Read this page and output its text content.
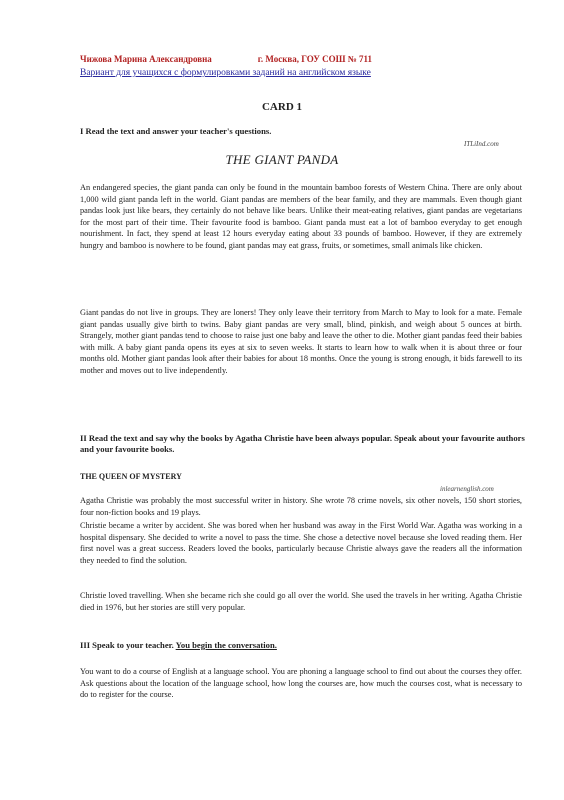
Чижова Марина Александровна	г. Москва, ГОУ СОШ № 711
Вариант для учащихся с формулировками заданий на английском языке
CARD 1
I Read the text and answer your teacher's questions.
ITLiInd.com
THE GIANT PANDA

An endangered species, the giant panda can only be found in the mountain bamboo forests of Western China. There are only about 1,000 wild giant panda left in the world. Giant pandas are members of the bear family, and they are mammals. Even though giant pandas look just like bears, they certainly do not behave like bears. Unlike their meat-eating relatives, giant pandas are vegetarians for the most part of their time. Their favourite food is bamboo. Giant panda must eat a lot of bamboo everyday to get enough nourishment. In fact, they spend at least 12 hours everyday eating about 33 pounds of bamboo. However, if they are extremely hungry and bamboo is nowhere to be found, giant pandas may eat grass, fruits, or sometimes, small animals like chicken.

Giant pandas do not live in groups. They are loners! They only leave their territory from March to May to look for a mate. Female giant pandas usually give birth to twins. Baby giant pandas are very small, blind, pinkish, and weigh about 5 ounces at birth. Strangely, mother giant pandas tend to choose to raise just one baby and leave the other to die. Mother giant pandas feed their babies with milk. A baby giant panda opens its eyes at six to seven weeks. It starts to learn how to walk when it is about three or four months old. Mother giant pandas look after their babies for about 18 months. Once the young is strong enough, it bids farewell to its mother and moves out to live independently.

II Read the text and say why the books by Agatha Christie have been always popular. Speak about your favourite authors and your favourite books.
THE QUEEN OF MYSTERY
inlearnenglish.com

Agatha Christie was probably the most successful writer in history. She wrote 78 crime novels, six other novels, 150 short stories, four non-fiction books and 19 plays.

Christie became a writer by accident. She was bored when her husband was away in the First World War. Agatha was working in a hospital dispensary. She decided to write a novel to pass the time. She chose a detective novel because she loved reading them. Her first novel was a great success. Readers loved the books, particularly because Christie always gave the readers all the information they needed to find the solution.

Christie loved travelling. When she became rich she could go all over the world. She used the travels in her writing. Agatha Christie died in 1976, but her stories are still very popular.

III Speak to your teacher. You begin the conversation.

You want to do a course of English at a language school. You are phoning a language school to find out about the courses they offer. Ask questions about the location of the language school, how long the courses are, how much the courses cost, what is necessary to do to register for the course.
